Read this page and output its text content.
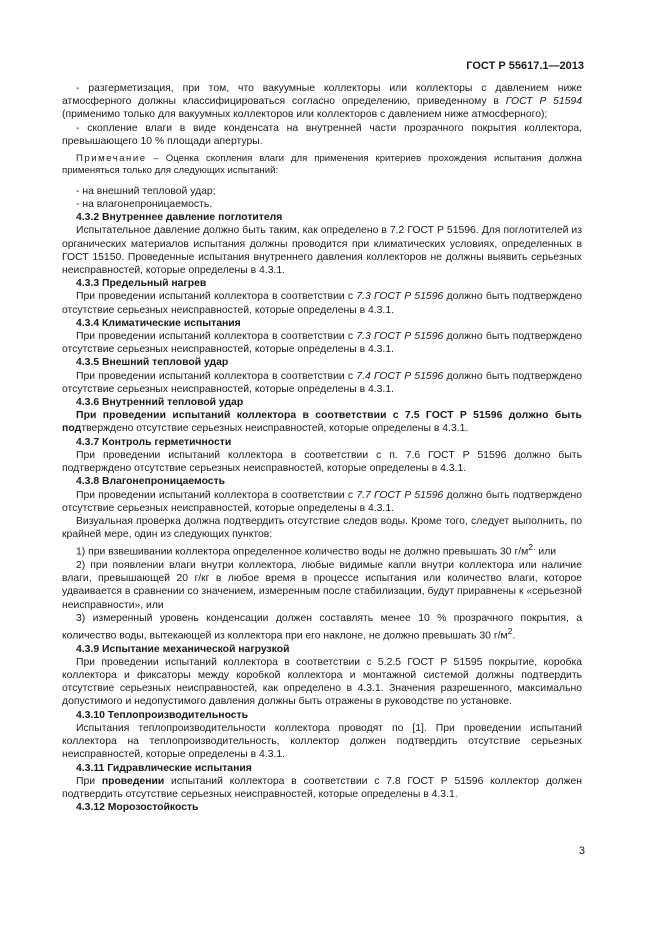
ГОСТ Р 55617.1—2013

- разгерметизация, при том, что вакуумные коллекторы или коллекторы с давлением ниже атмосферного должны классифицироваться согласно определению, приведенному в ГОСТ Р 51594 (применимо только для вакуумных коллекторов или коллекторов с давлением ниже атмосферного);

- скопление влаги в виде конденсата на внутренней части прозрачного покрытия коллектора, превышающего 10 % площади апертуры.

Примечание – Оценка скопления влаги для применения критериев прохождения испытания должна применяться только для следующих испытаний:

- на внешний тепловой удар;

- на влагонепроницаемость.

4.3.2 Внутреннее давление поглотителя

Испытательное давление должно быть таким, как определено в 7.2 ГОСТ Р 51596. Для поглотителей из органических материалов испытания должны проводится при климатических условиях, определенных в ГОСТ 15150. Проведенные испытания внутреннего давления коллекторов не должны выявить серьезных неисправностей, которые определены в 4.3.1.

4.3.3 Предельный нагрев

При проведении испытаний коллектора в соответствии с 7.3 ГОСТ Р 51596 должно быть подтверждено отсутствие серьезных неисправностей, которые определены в 4.3.1.

4.3.4 Климатические испытания

При проведении испытаний коллектора в соответствии с 7.3 ГОСТ Р 51596 должно быть подтверждено отсутствие серьезных неисправностей, которые определены в 4.3.1.

4.3.5 Внешний тепловой удар

При проведении испытаний коллектора в соответствии с 7.4 ГОСТ Р 51596 должно быть подтверждено отсутствие серьезных неисправностей, которые определены в 4.3.1.

4.3.6 Внутренний тепловой удар

При проведении испытаний коллектора в соответствии с 7.5 ГОСТ Р 51596 должно быть подтверждено отсутствие серьезных неисправностей, которые определены в 4.3.1.

4.3.7 Контроль герметичности

При проведении испытаний коллектора в соответствии с п. 7.6 ГОСТ Р 51596 должно быть подтверждено отсутствие серьезных неисправностей, которые определены в 4.3.1.

4.3.8 Влагонепроницаемость

При проведении испытаний коллектора в соответствии с 7.7 ГОСТ Р 51596 должно быть подтверждено отсутствие серьезных неисправностей, которые определены в 4.3.1.

Визуальная проверка должна подтвердить отсутствие следов воды. Кроме того, следует выполнить, по крайней мере, один из следующих пунктов:

1) при взвешивании коллектора определенное количество воды не должно превышать 30 $г/м^{2.}$ или

2) при появлении влаги внутри коллектора, любые видимые капли внутри коллектора или наличие влаги, превышающей 20 г/кг в любое время в процессе испытания или количество влаги, которое удваивается в сравнении со значением, измеренным после стабилизации, будут приравнены к «серьезной неисправности», или

3) измеренный уровень конденсации должен составлять менее 10 % прозрачного покрытия, а количество воды, вытекающей из коллектора при его наклоне, не должно превышать 30 $г/м^2$.

4.3.9 Испытание механической нагрузкой

При проведении испытаний коллектора в соответствии с 5.2.5 ГОСТ Р 51595 покрытие, коробка коллектора и фиксаторы между коробкой коллектора и монтажной системой должны подтвердить отсутствие серьезных неисправностей, как определено в 4.3.1. Значения разрешенного, максимально допустимого и недопустимого давления должны быть отражены в руководстве по установке.

4.3.10 Теплопроизводительность

Испытания теплопроизводительности коллектора проводят по [1]. При проведении испытаний коллектора на теплопроизводительность, коллектор должен подтвердить отсутствие серьезных неисправностей, которые определены в 4.3.1.

4.3.11 Гидравлические испытания

При проведении испытаний коллектора в соответствии с 7.8 ГОСТ Р 51596 коллектор должен подтвердить отсутствие серьезных неисправностей, которые определены в 4.3.1.

4.3.12 Морозостойкость

3
